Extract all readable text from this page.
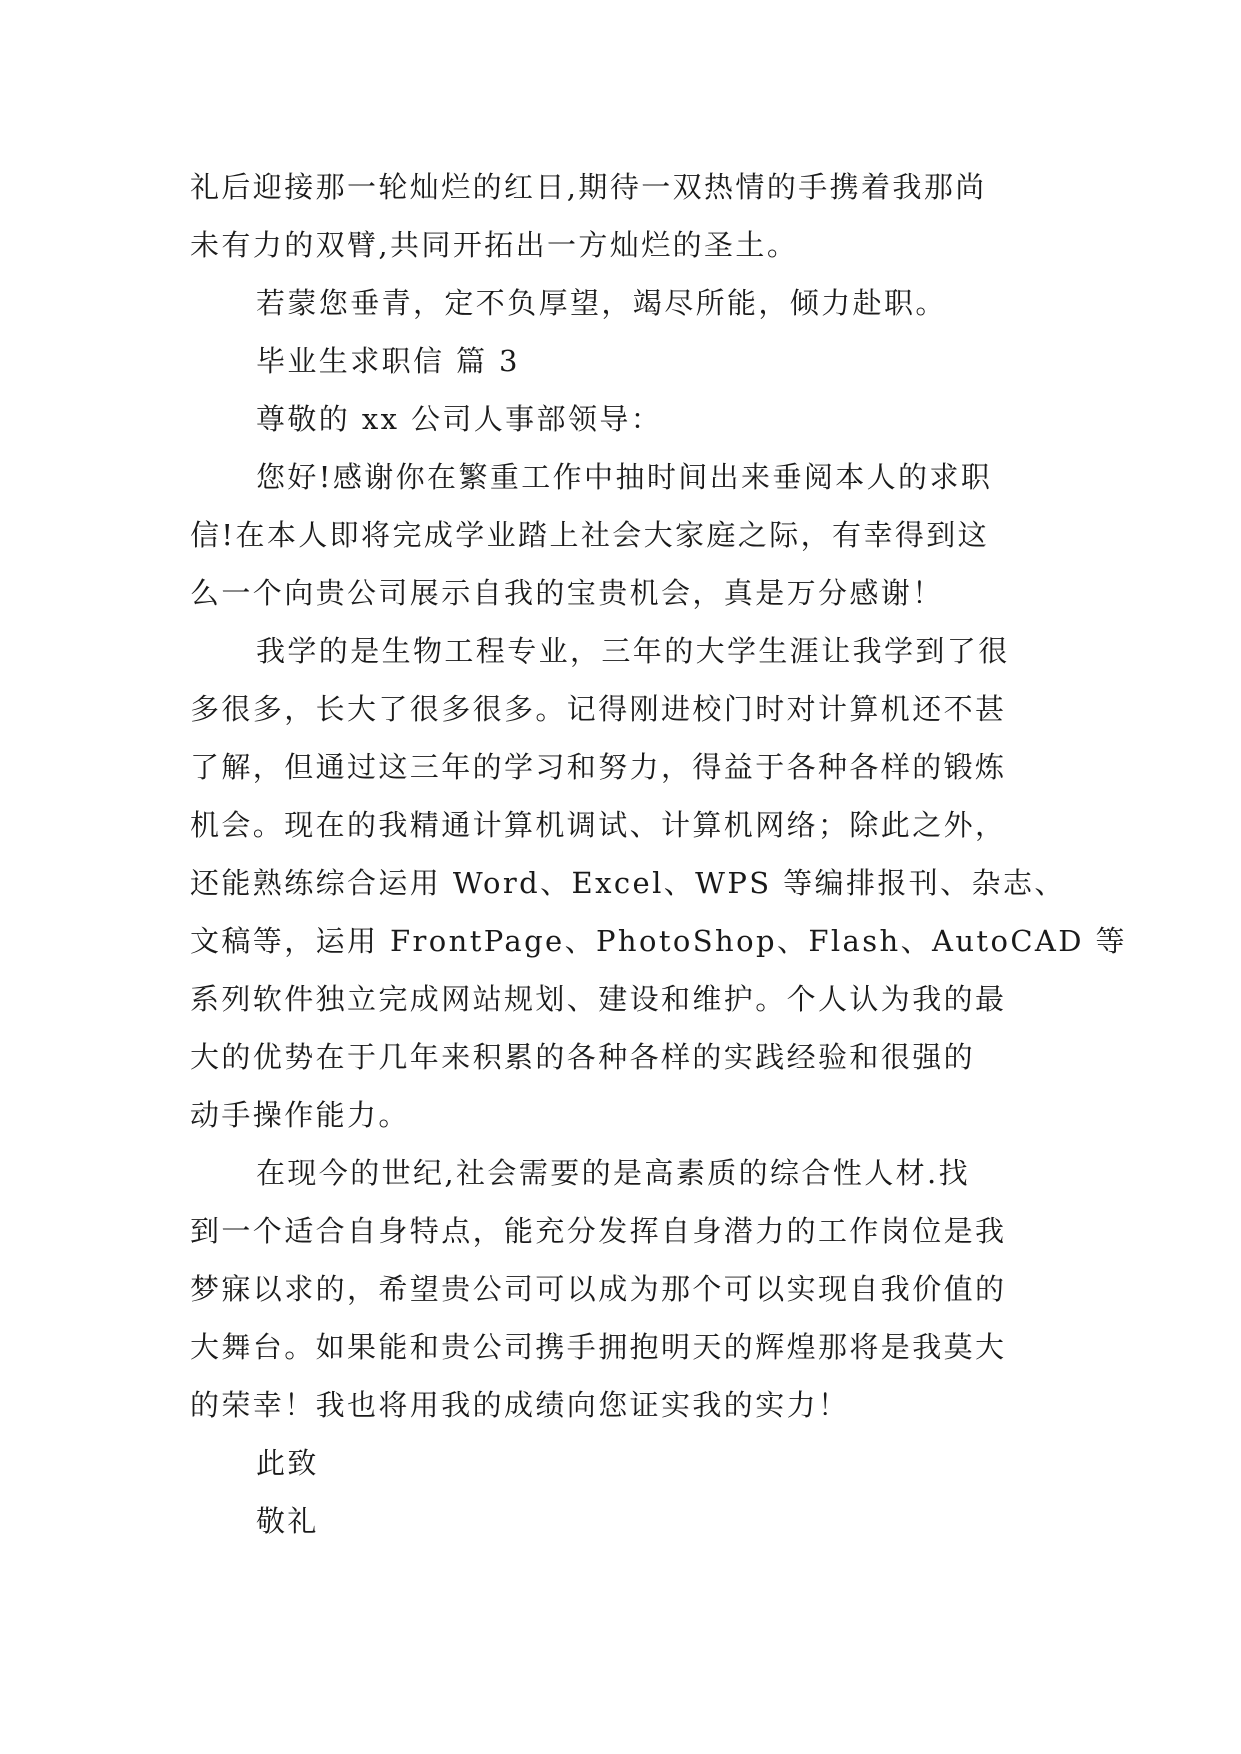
礼后迎接那一轮灿烂的红日,期待一双热情的手携着我那尚
未有力的双臂,共同开拓出一方灿烂的圣土。
若蒙您垂青，定不负厚望，竭尽所能，倾力赴职。
毕业生求职信 篇 3
尊敬的 xx 公司人事部领导：
您好!感谢你在繁重工作中抽时间出来垂阅本人的求职
信!在本人即将完成学业踏上社会大家庭之际，有幸得到这
么一个向贵公司展示自我的宝贵机会，真是万分感谢！
我学的是生物工程专业，三年的大学生涯让我学到了很
多很多，长大了很多很多。记得刚进校门时对计算机还不甚
了解，但通过这三年的学习和努力，得益于各种各样的锻炼
机会。现在的我精通计算机调试、计算机网络；除此之外，
还能熟练综合运用 Word、Excel、WPS 等编排报刊、杂志、
文稿等，运用 FrontPage、PhotoShop、Flash、AutoCAD 等
系列软件独立完成网站规划、建设和维护。个人认为我的最
大的优势在于几年来积累的各种各样的实践经验和很强的
动手操作能力。
在现今的世纪,社会需要的是高素质的综合性人材.找
到一个适合自身特点，能充分发挥自身潜力的工作岗位是我
梦寐以求的，希望贵公司可以成为那个可以实现自我价值的
大舞台。如果能和贵公司携手拥抱明天的辉煌那将是我莫大
的荣幸！我也将用我的成绩向您证实我的实力！
此致
敬礼
